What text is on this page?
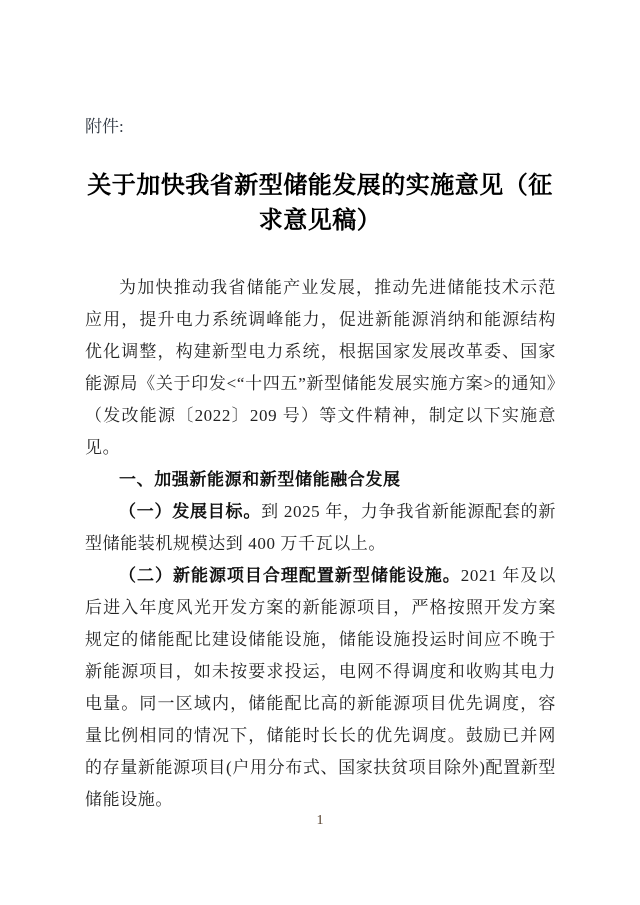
附件:
关于加快我省新型储能发展的实施意见（征求意见稿）

为加快推动我省储能产业发展，推动先进储能技术示范应用，提升电力系统调峰能力，促进新能源消纳和能源结构优化调整，构建新型电力系统，根据国家发展改革委、国家能源局《关于印发<“十四五”新型储能发展实施方案>的通知》（发改能源〔2022〕209 号）等文件精神，制定以下实施意见。

一、加强新能源和新型储能融合发展

（一）发展目标。到 2025 年，力争我省新能源配套的新型储能装机规模达到 400 万千瓦以上。

（二）新能源项目合理配置新型储能设施。2021 年及以后进入年度风光开发方案的新能源项目，严格按照开发方案规定的储能配比建设储能设施，储能设施投运时间应不晚于新能源项目，如未按要求投运，电网不得调度和收购其电力电量。同一区域内，储能配比高的新能源项目优先调度，容量比例相同的情况下，储能时长长的优先调度。鼓励已并网的存量新能源项目(户用分布式、国家扶贫项目除外)配置新型储能设施。

1
